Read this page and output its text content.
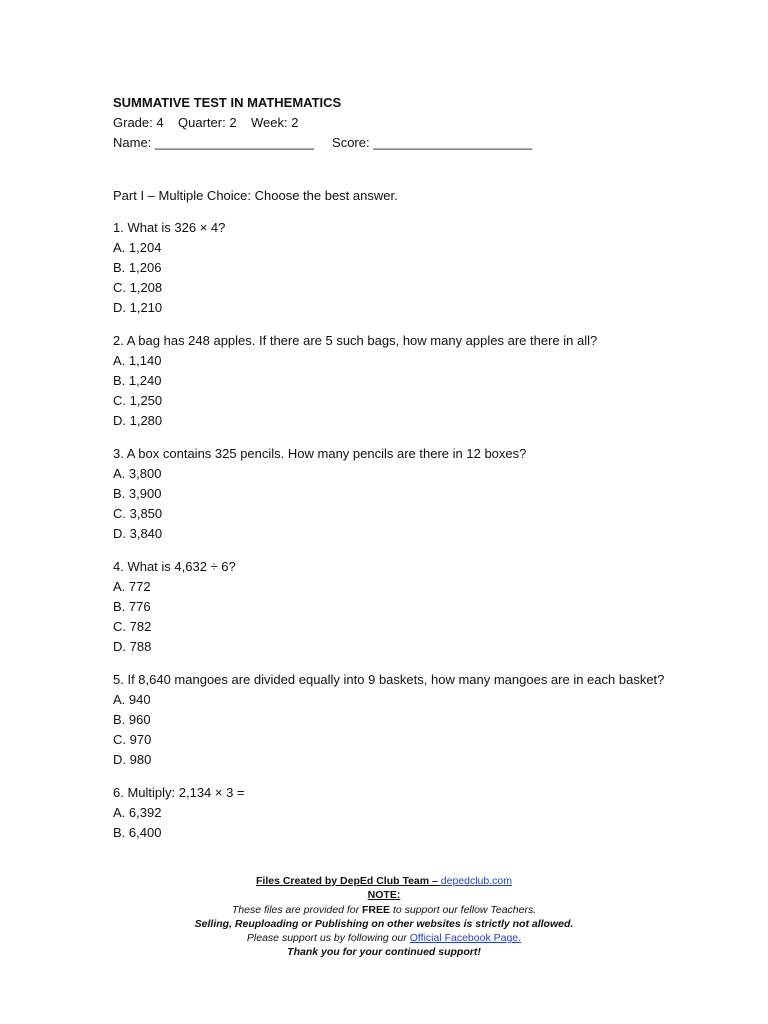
SUMMATIVE TEST IN MATHEMATICS
Grade: 4    Quarter: 2    Week: 2
Name: ______________________     Score: ______________________
Part I – Multiple Choice: Choose the best answer.
1. What is 326 × 4?
A. 1,204
B. 1,206
C. 1,208
D. 1,210
2. A bag has 248 apples. If there are 5 such bags, how many apples are there in all?
A. 1,140
B. 1,240
C. 1,250
D. 1,280
3. A box contains 325 pencils. How many pencils are there in 12 boxes?
A. 3,800
B. 3,900
C. 3,850
D. 3,840
4. What is 4,632 ÷ 6?
A. 772
B. 776
C. 782
D. 788
5. If 8,640 mangoes are divided equally into 9 baskets, how many mangoes are in each basket?
A. 940
B. 960
C. 970
D. 980
6. Multiply: 2,134 × 3 =
A. 6,392
B. 6,400
Files Created by DepEd Club Team – depedclub.com
NOTE:
These files are provided for FREE to support our fellow Teachers.
Selling, Reuploading or Publishing on other websites is strictly not allowed.
Please support us by following our Official Facebook Page.
Thank you for your continued support!
